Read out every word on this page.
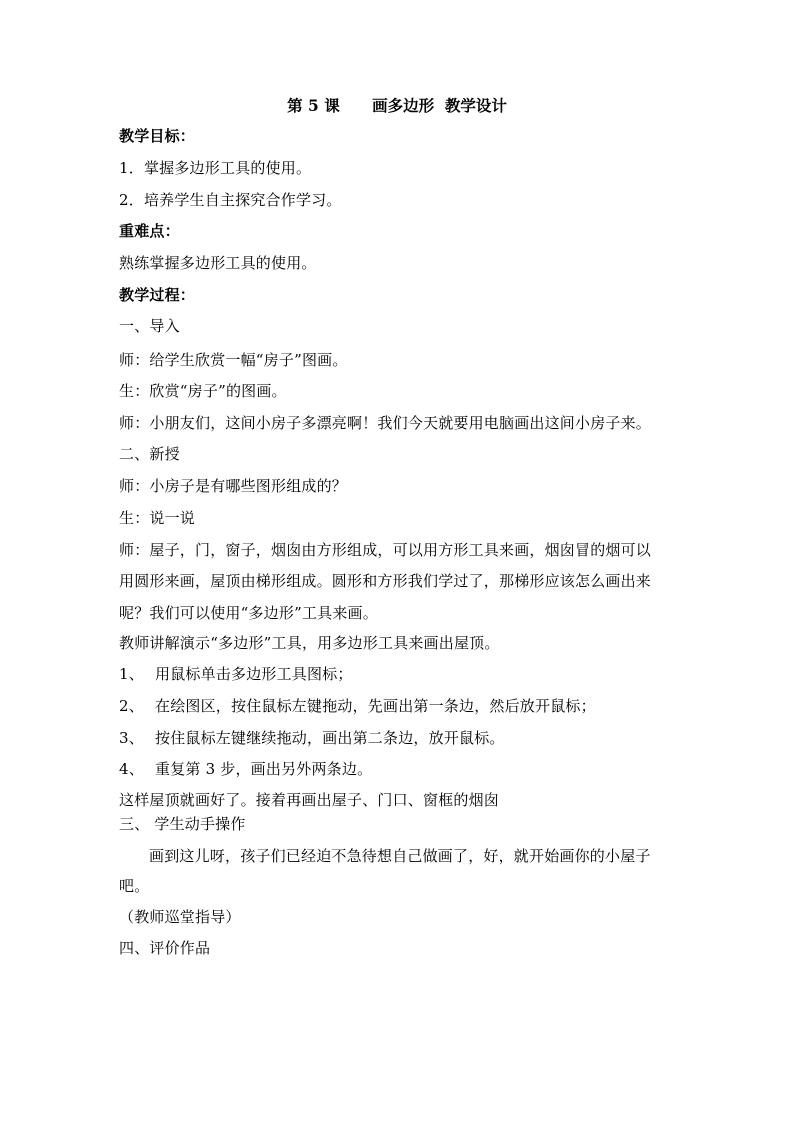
第 5 课      画多边形  教学设计
教学目标：
1．掌握多边形工具的使用。
2．培养学生自主探究合作学习。
重难点：
熟练掌握多边形工具的使用。
教学过程：
一、导入
师：给学生欣赏一幅“房子”图画。
生：欣赏“房子”的图画。
师：小朋友们，这间小房子多漂亮啊！我们今天就要用电脑画出这间小房子来。
二、新授
师：小房子是有哪些图形组成的？
生：说一说
师：屋子，门，窗子，烟囱由方形组成，可以用方形工具来画，烟囱冒的烟可以
用圆形来画，屋顶由梯形组成。圆形和方形我们学过了，那梯形应该怎么画出来
呢？我们可以使用“多边形”工具来画。
教师讲解演示“多边形”工具，用多边形工具来画出屋顶。
1、 用鼠标单击多边形工具图标；
2、 在绘图区，按住鼠标左键拖动，先画出第一条边，然后放开鼠标；
3、 按住鼠标左键继续拖动，画出第二条边，放开鼠标。
4、 重复第 3 步，画出另外两条边。
这样屋顶就画好了。接着再画出屋子、门口、窗框的烟囱
三、 学生动手操作
画到这儿呀，孩子们已经迫不急待想自己做画了，好，就开始画你的小屋子
吧。
（教师巡堂指导）
四、评价作品
